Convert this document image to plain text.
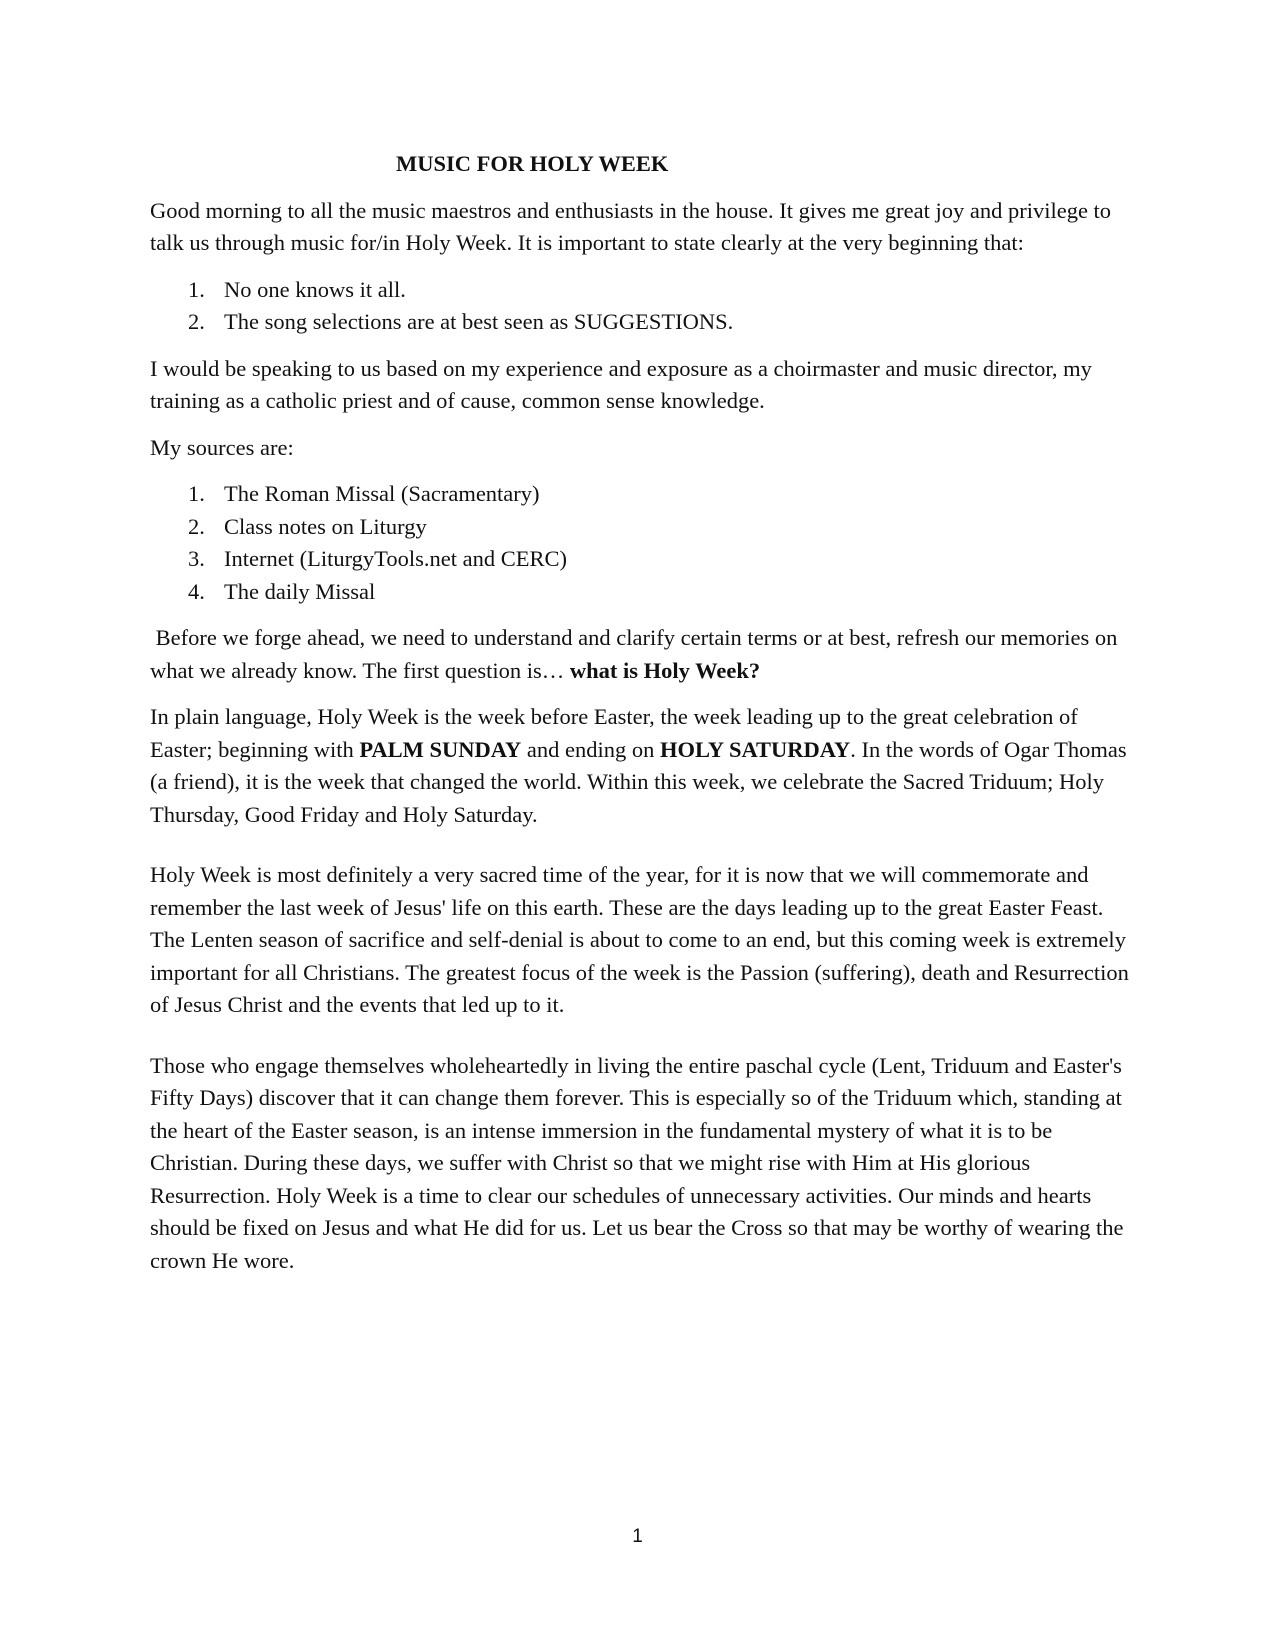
MUSIC FOR HOLY WEEK

Good morning to all the music maestros and enthusiasts in the house. It gives me great joy and privilege to talk us through music for/in Holy Week. It is important to state clearly at the very beginning that:

1. No one knows it all.
2. The song selections are at best seen as SUGGESTIONS.

I would be speaking to us based on my experience and exposure as a choirmaster and music director, my training as a catholic priest and of cause, common sense knowledge.

My sources are:

1. The Roman Missal (Sacramentary)
2. Class notes on Liturgy
3. Internet (LiturgyTools.net and CERC)
4. The daily Missal

Before we forge ahead, we need to understand and clarify certain terms or at best, refresh our memories on what we already know. The first question is… what is Holy Week?

In plain language, Holy Week is the week before Easter, the week leading up to the great celebration of Easter; beginning with PALM SUNDAY and ending on HOLY SATURDAY. In the words of Ogar Thomas (a friend), it is the week that changed the world. Within this week, we celebrate the Sacred Triduum; Holy Thursday, Good Friday and Holy Saturday.

Holy Week is most definitely a very sacred time of the year, for it is now that we will commemorate and remember the last week of Jesus' life on this earth. These are the days leading up to the great Easter Feast. The Lenten season of sacrifice and self-denial is about to come to an end, but this coming week is extremely important for all Christians. The greatest focus of the week is the Passion (suffering), death and Resurrection of Jesus Christ and the events that led up to it.

Those who engage themselves wholeheartedly in living the entire paschal cycle (Lent, Triduum and Easter's Fifty Days) discover that it can change them forever. This is especially so of the Triduum which, standing at the heart of the Easter season, is an intense immersion in the fundamental mystery of what it is to be Christian. During these days, we suffer with Christ so that we might rise with Him at His glorious Resurrection. Holy Week is a time to clear our schedules of unnecessary activities. Our minds and hearts should be fixed on Jesus and what He did for us. Let us bear the Cross so that may be worthy of wearing the crown He wore.

1
